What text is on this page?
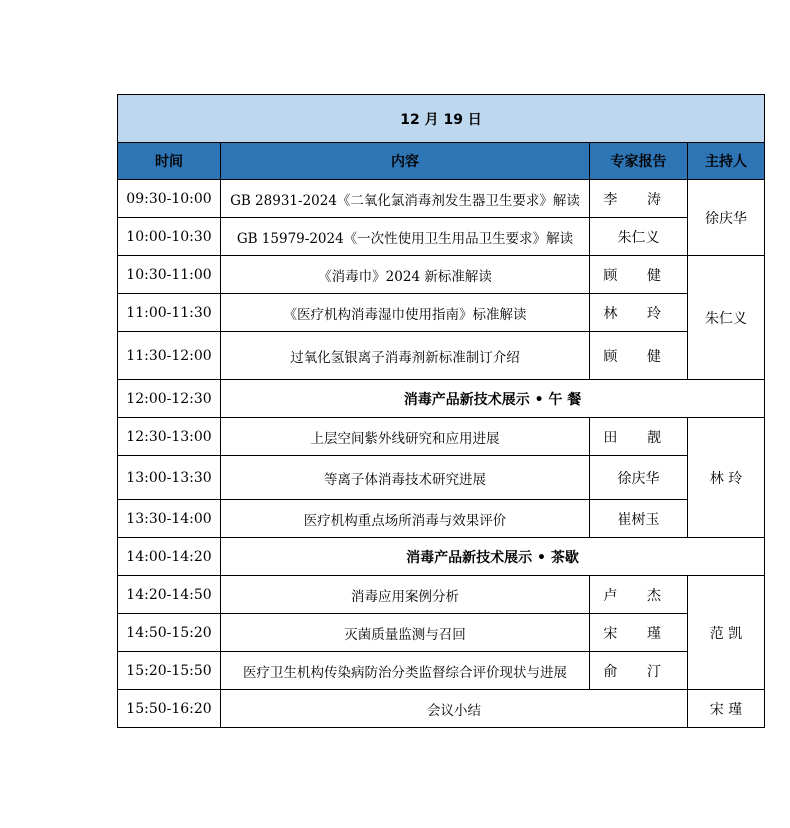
12 月 19 日			
时间	内容	专家报告	主持人
09:30-10:00	GB 28931-2024《二氧化氯消毒剂发生器卫生要求》解读	李 涛	徐庆华
10:00-10:30	GB 15979-2024《一次性使用卫生用品卫生要求》解读	朱仁义	
10:30-11:00	《消毒巾》2024 新标准解读	顾 健	朱仁义
11:00-11:30	《医疗机构消毒湿巾使用指南》标准解读	林 玲	
11:30-12:00	过氧化氢银离子消毒剂新标准制订介绍	顾 健	
12:00-12:30	消毒产品新技术展示 • 午 餐		
12:30-13:00	上层空间紫外线研究和应用进展	田 靓	林 玲
13:00-13:30	等离子体消毒技术研究进展	徐庆华	
13:30-14:00	医疗机构重点场所消毒与效果评价	崔树玉	
14:00-14:20	消毒产品新技术展示 • 茶歇		
14:20-14:50	消毒应用案例分析	卢 杰	范 凯
14:50-15:20	灭菌质量监测与召回	宋 瑾	
15:20-15:50	医疗卫生机构传染病防治分类监督综合评价现状与进展	俞 汀	
15:50-16:20	会议小结		宋 瑾
